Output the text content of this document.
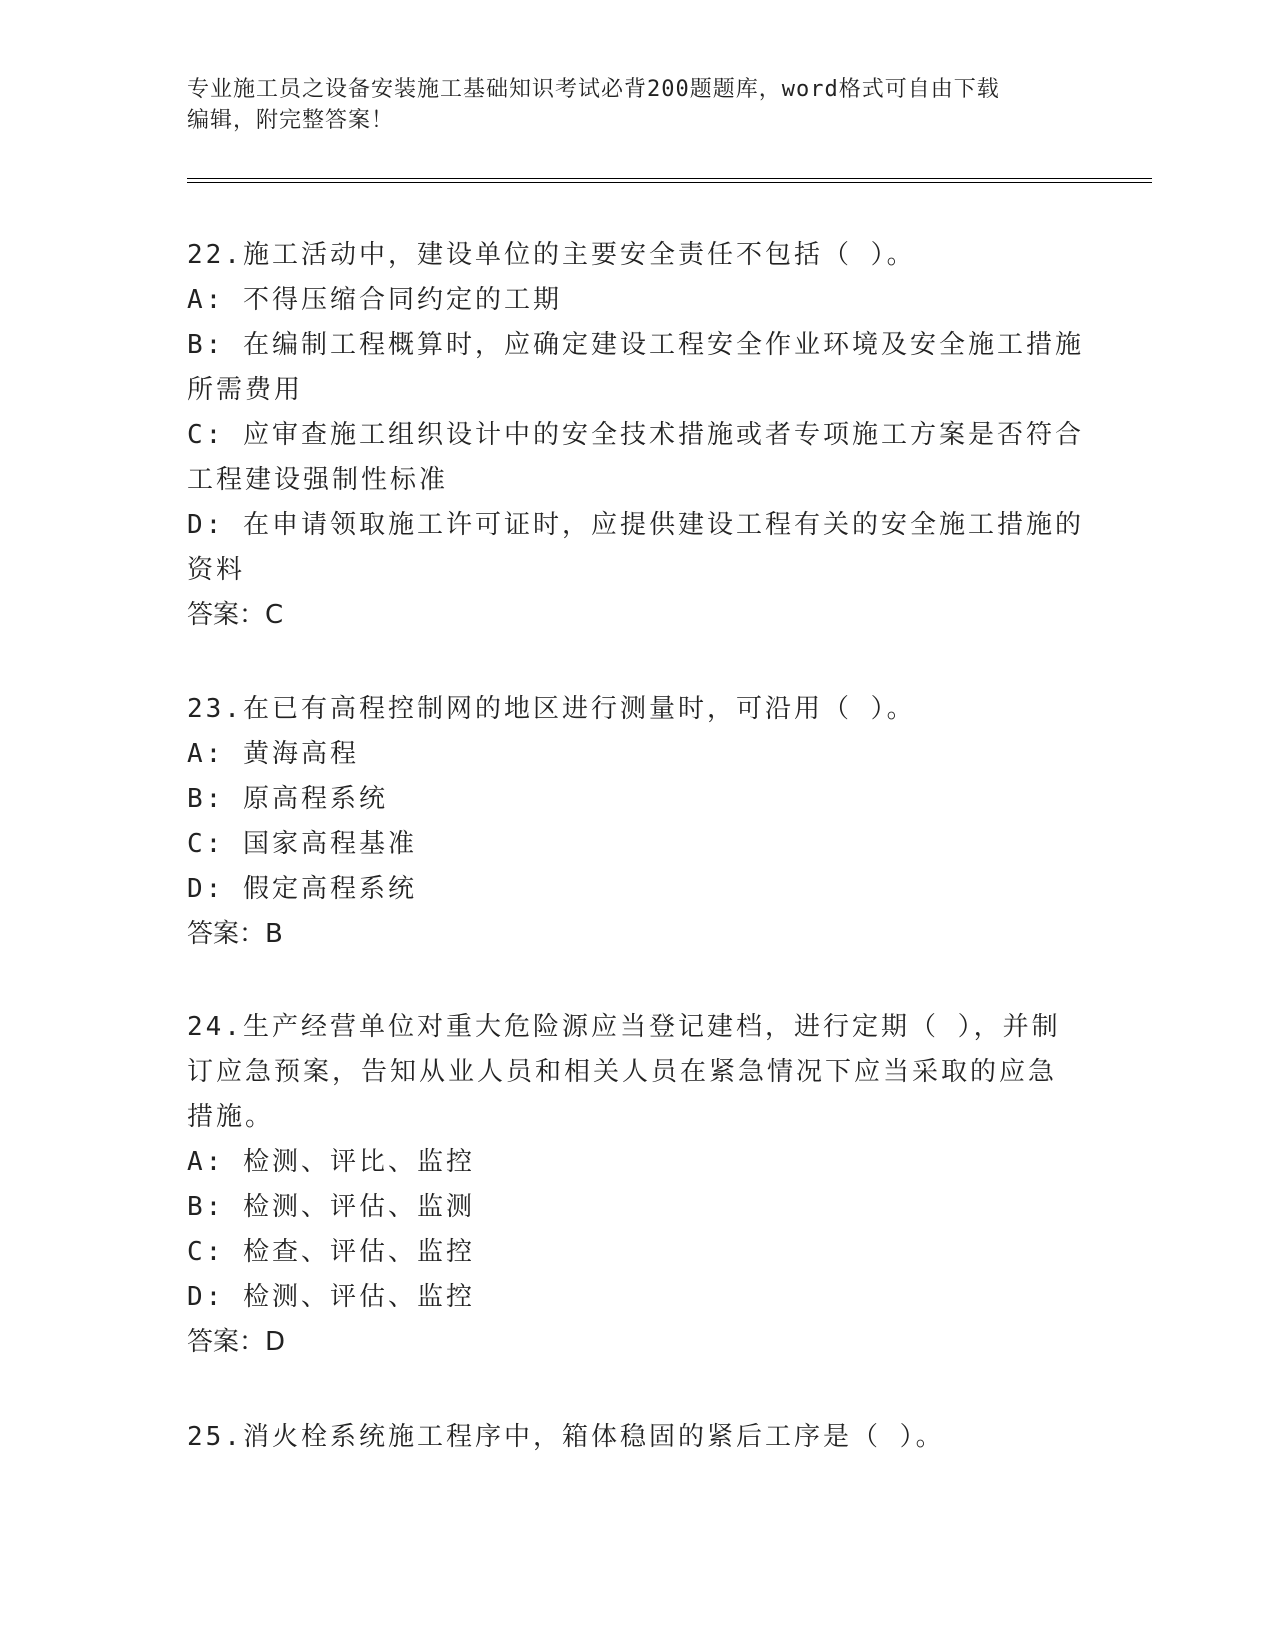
专业施工员之设备安装施工基础知识考试必背200题题库，word格式可自由下载
编辑，附完整答案！
22.施工活动中，建设单位的主要安全责任不包括（ ）。
A: 不得压缩合同约定的工期
B: 在编制工程概算时，应确定建设工程安全作业环境及安全施工措施
所需费用
C: 应审查施工组织设计中的安全技术措施或者专项施工方案是否符合
工程建设强制性标准
D: 在申请领取施工许可证时，应提供建设工程有关的安全施工措施的
资料
答案：C
23.在已有高程控制网的地区进行测量时，可沿用（ ）。
A: 黄海高程
B: 原高程系统
C: 国家高程基准
D: 假定高程系统
答案：B
24.生产经营单位对重大危险源应当登记建档，进行定期（ ），并制
订应急预案，告知从业人员和相关人员在紧急情况下应当采取的应急
措施。
A: 检测、评比、监控
B: 检测、评估、监测
C: 检查、评估、监控
D: 检测、评估、监控
答案：D
25.消火栓系统施工程序中，箱体稳固的紧后工序是（ ）。
